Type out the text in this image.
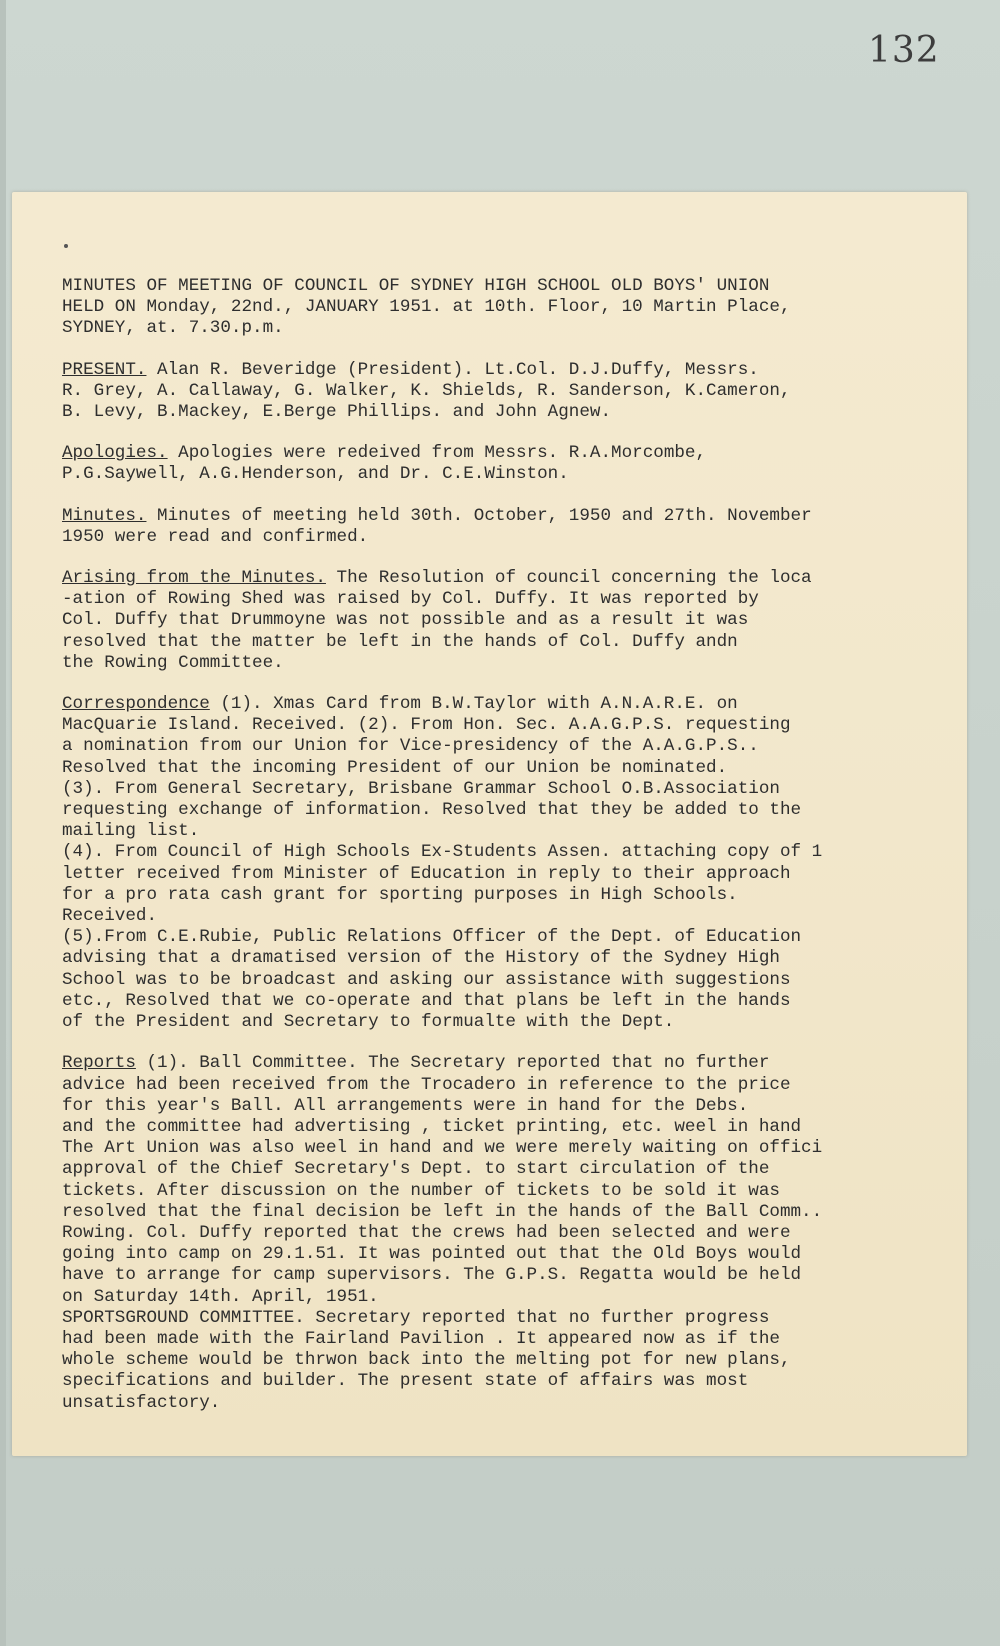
132

MINUTES OF MEETING OF COUNCIL OF SYDNEY HIGH SCHOOL OLD BOYS' UNION

HELD ON Monday, 22nd., JANUARY 1951. at 10th. Floor, 10 Martin Place,

SYDNEY, at. 7.30.p.m.

PRESENT. Alan R. Beveridge (President). Lt.Col. D.J.Duffy, Messrs.

R. Grey, A. Callaway, G. Walker, K. Shields, R. Sanderson, K.Cameron,

B. Levy, B.Mackey, E.Berge Phillips. and John Agnew.

Apologies. Apologies were redeived from Messrs. R.A.Morcombe,

P.G.Saywell, A.G.Henderson, and Dr. C.E.Winston.

Minutes. Minutes of meeting held 30th. October, 1950 and 27th. November

1950 were read and confirmed.

Arising from the Minutes. The Resolution of council concerning the loca

-ation of Rowing Shed was raised by Col. Duffy. It was reported by

Col. Duffy that Drummoyne was not possible and as a result it was

resolved that the matter be left in the hands of Col. Duffy andn

the Rowing Committee.

Correspondence (1). Xmas Card from B.W.Taylor with A.N.A.R.E. on

MacQuarie Island. Received. (2). From Hon. Sec. A.A.G.P.S. requesting

a nomination from our Union for Vice-presidency of the A.A.G.P.S..

Resolved that the incoming President of our Union be nominated.

(3). From General Secretary, Brisbane Grammar School O.B.Association

requesting exchange of information. Resolved that they be added to the

mailing list.

(4). From Council of High Schools Ex-Students Assen. attaching copy of 1

letter received from Minister of Education in reply to their approach

for a pro rata cash grant for sporting purposes in High Schools.

Received.

(5).From C.E.Rubie, Public Relations Officer of the Dept. of Education

advising that a dramatised version of the History of the Sydney High

School was to be broadcast and asking our assistance with suggestions

etc., Resolved that we co-operate and that plans be left in the hands

of the President and Secretary to formualte with the Dept.

Reports (1). Ball Committee. The Secretary reported that no further

advice had been received from the Trocadero in reference to the price

for this year's Ball. All arrangements were in hand for the Debs.

and the committee had advertising , ticket printing, etc. weel in hand

The Art Union was also weel in hand and we were merely waiting on offici

approval of the Chief Secretary's Dept. to start circulation of the

tickets. After discussion on the number of tickets to be sold it was

resolved that the final decision be left in the hands of the Ball Comm..

Rowing. Col. Duffy reported that the crews had been selected and were

going into camp on 29.1.51. It was pointed out that the Old Boys would

have to arrange for camp supervisors. The G.P.S. Regatta would be held

on Saturday 14th. April, 1951.

SPORTSGROUND COMMITTEE. Secretary reported that no further progress

had been made with the Fairland Pavilion . It appeared now as if the

whole scheme would be thrwon back into the melting pot for new plans,

specifications and builder. The present state of affairs was most

unsatisfactory.
